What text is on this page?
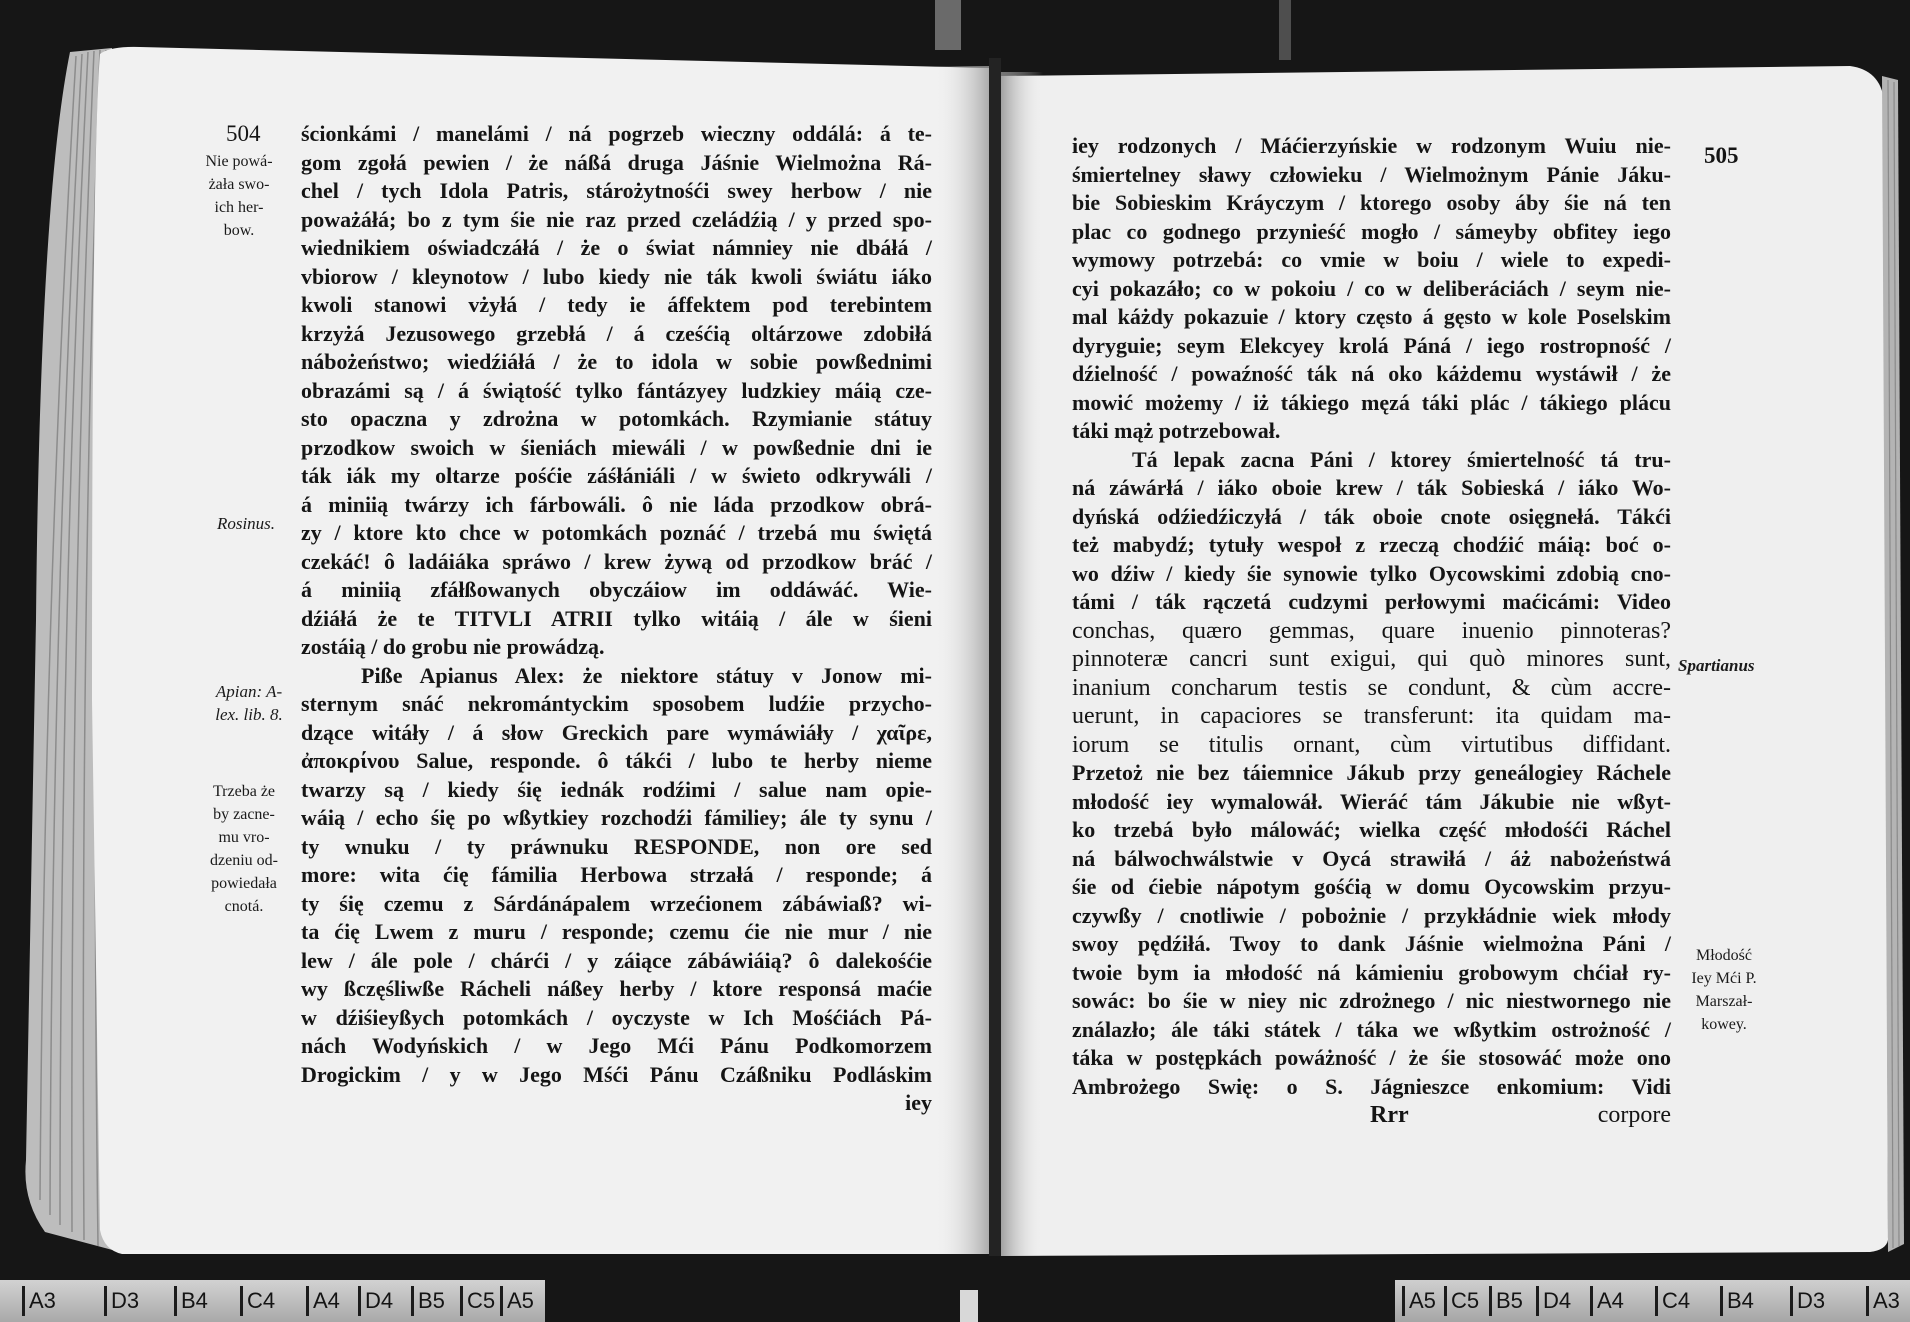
504 ścionkámi / manelámi / ná pogrzeb wieczny oddálá: á te-
gom zgołá pewien / że náßá druga Jáśnie Wielmożna Rá-
chel / tych Idola Patris, stárożytnośći swey herbow / nie
poważáłá; bo z tym śie nie raz przed czeládźią / y przed spo-
wiednikiem oświadczáłá / że o świat námniey nie dbáłá /
vbiorow / kleynotow / lubo kiedy nie ták kwoli świátu iáko
kwoli stanowi vżyłá / tedy ie áffektem pod terebintem
krzyżá Jezusowego grzebłá / á cześćią oltárzowe zdobiłá
nábożeństwo; wiedźiáłá / że to idola w sobie powßednimi
obrazámi są / á świątość tylko fántázyey ludzkiey máią cze-
sto opaczna y zdrożna w potomkách. Rzymianie státuy
przodkow swoich w śieniách miewáli / w powßednie dni ie
ták iák my oltarze pośćie záśłániáli / w świeto odkrywáli /
á miniią twárzy ich fárbowáli. ô nie láda przodkow obrá-
zy / ktore kto chce w potomkách poznáć / trzebá mu świętá
czekáć! ô ladáiáka spráwo / krew żywą od przodkow bráć /
á miniią zfáłßowanych obyczáiow im oddáwáć. Wie-
dźiáłá że te TITVLI ATRII tylko witáią / ále w śieni
zostáią / do grobu nie prowádzą.
Piße Apianus Alex: że niektore státuy v Jonow mi-
sternym snáć nekromántyckim sposobem ludźie przycho-
dzące witáły / á słow Greckich pare wymáwiáły / χαῖρε,
ἀποκρίνου Salue, responde. ô tákći / lubo te herby nieme
twarzy są / kiedy śię iednák rodźimi / salue nam opie-
wáią / echo śię po wßytkiey rozchodźi fámiliey; ále ty synu /
ty wnuku / ty práwnuku RESPONDE, non ore sed
more: wita ćię fámilia Herbowa strzałá / responde; á
ty śię czemu z Sárdánápalem wrzećionem zábáwiaß? wi-
ta ćię Lwem z muru / responde; czemu ćie nie mur / nie
lew / ále pole / chárći / y záiące zábáwiáią? ô dalekośćie
wy ßczęśliwße Rácheli náßey herby / ktore responsá maćie
w dźiśieyßych potomkách / oyczyste w Ich Mośćiách Pá-
nách Wodyńskich / w Jego Mći Pánu Podkomorzem
Drogickim / y w Jego Mśći Pánu Czáßniku Podláskim
iey
Nie powá-
żała swo-
ich her-
bow.
Rosinus.
Apian: A-
lex. lib. 8.
Trzeba że
by zacne-
mu vro-
dzeniu od-
powiedała
cnotá.
505
iey rodzonych / Máćierzyńskie w rodzonym Wuiu nie-
śmiertelney sławy człowieku / Wielmożnym Pánie Jáku-
bie Sobieskim Kráyczym / ktorego osoby áby śie ná ten
plac co godnego przynieść mogło / sámeyby obfitey iego
wymowy potrzebá: co vmie w boiu / wiele to expedi-
cyi pokazáło; co w pokoiu / co w deliberáciách / seym nie-
mal káżdy pokazuie / ktory często á gęsto w kole Poselskim
dyryguie; seym Elekcyey krolá Páná / iego rostropność /
dźielność / powaźność ták ná oko káżdemu wystáwił / że
mowić możemy / iż tákiego męzá táki plác / tákiego plácu
táki mąż potrzebował.
Tá lepak zacna Páni / ktorey śmiertelność tá tru-
ná záwárłá / iáko oboie krew / ták Sobieská / iáko Wo-
dyńská odźiedźiczyłá / ták oboie cnote osięgnełá. Tákći
też mabydź; tytuły wespoł z rzeczą chodźić máią: boć o-
wo dźiw / kiedy śie synowie tylko Oycowskimi zdobią cno-
támi / ták rączetá cudzymi perłowymi maćicámi: Video
conchas, quæro gemmas, quare inuenio pinnoteras?
pinnoteræ cancri sunt exigui, qui quò minores sunt,
inanium concharum testis se condunt, & cùm accre-
uerunt, in capaciores se transferunt: ita quidam ma-
iorum se titulis ornant, cùm virtutibus diffidant.
Przetoż nie bez táiemnice Jákub przy geneálogiey Ráchele
młodość iey wymalowáł. Wieráć tám Jákubie nie wßyt-
ko trzebá było málowáć; wielka część młodośći Ráchel
ná bálwochwálstwie v Oycá strawiłá / áż nabożeństwá
śie od ćiebie nápotym gośćią w domu Oycowskim przyu-
czywßy / cnotliwie / pobożnie / przykłádnie wiek młody
swoy pędźiłá. Twoy to dank Jáśnie wielmożna Páni /
twoie bym ia młodość ná kámieniu grobowym chćiał ry-
sowác: bo śie w niey nic zdrożnego / nic niestwornego nie
ználazło; ále táki státek / táka we wßytkim ostrożność /
táka w postępkách powáżność / że śie stosowáć może ono
Ambrożego Swię: o S. Jágnieszce enkomium: Vidi
Rrr	corpore
Spartianus
Młodość
Iey Mći P.
Marszał-
kowey.
A3	D3	B4	C4	A4	D4	B5	C5 A5	A5 C5 B5 D4	A4	C4	B4	D3	A3
